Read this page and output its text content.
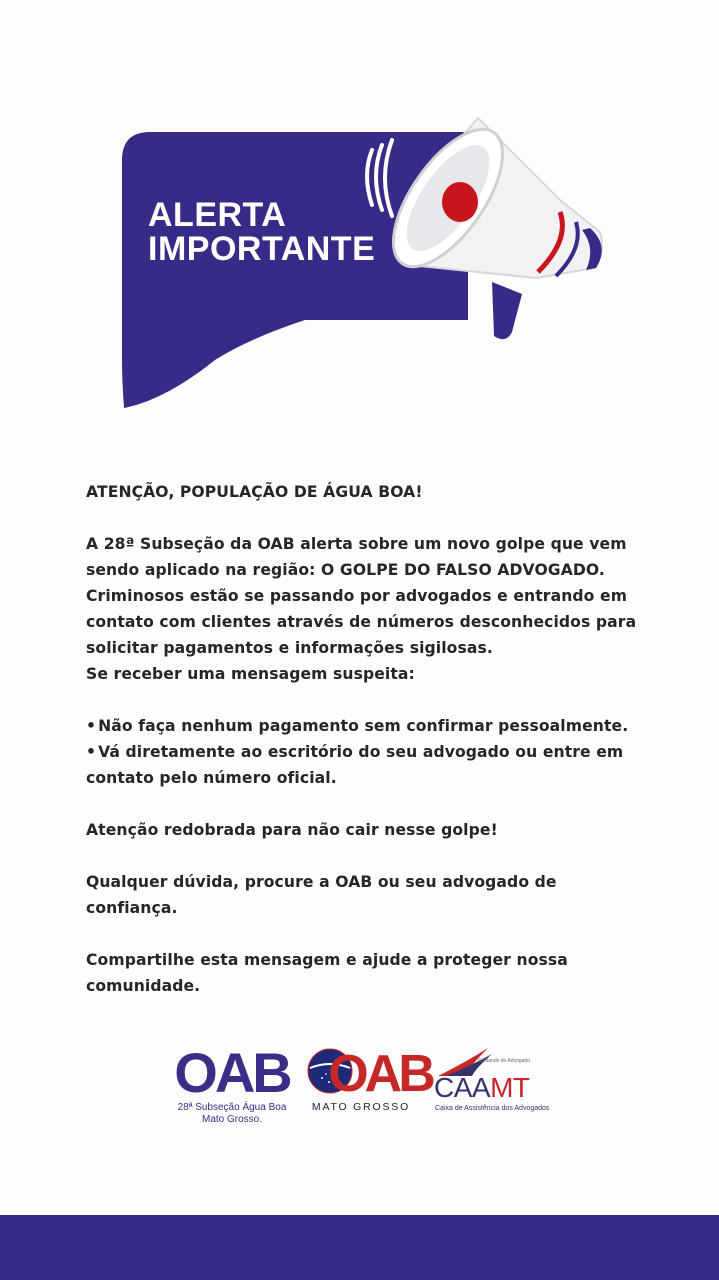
ALERTA
IMPORTANTE

ATENÇÃO, POPULAÇÃO DE ÁGUA BOA!

A 28ª Subseção da OAB alerta sobre um novo golpe que vem
sendo aplicado na região: O GOLPE DO FALSO ADVOGADO.
Criminosos estão se passando por advogados e entrando em
contato com clientes através de números desconhecidos para
solicitar pagamentos e informações sigilosas.
Se receber uma mensagem suspeita:

• Não faça nenhum pagamento sem confirmar pessoalmente.
• Vá diretamente ao escritório do seu advogado ou entre em
contato pelo número oficial.

Atenção redobrada para não cair nesse golpe!

Qualquer dúvida, procure a OAB ou seu advogado de confiança.

Compartilhe esta mensagem e ajude a proteger nossa
comunidade.

OAB
28ª Subseção Água Boa
Mato Grosso.
OAB
MATO GROSSO
Cuidando do Advogado
CAAMT
Caixa de Assistência dos Advogados
